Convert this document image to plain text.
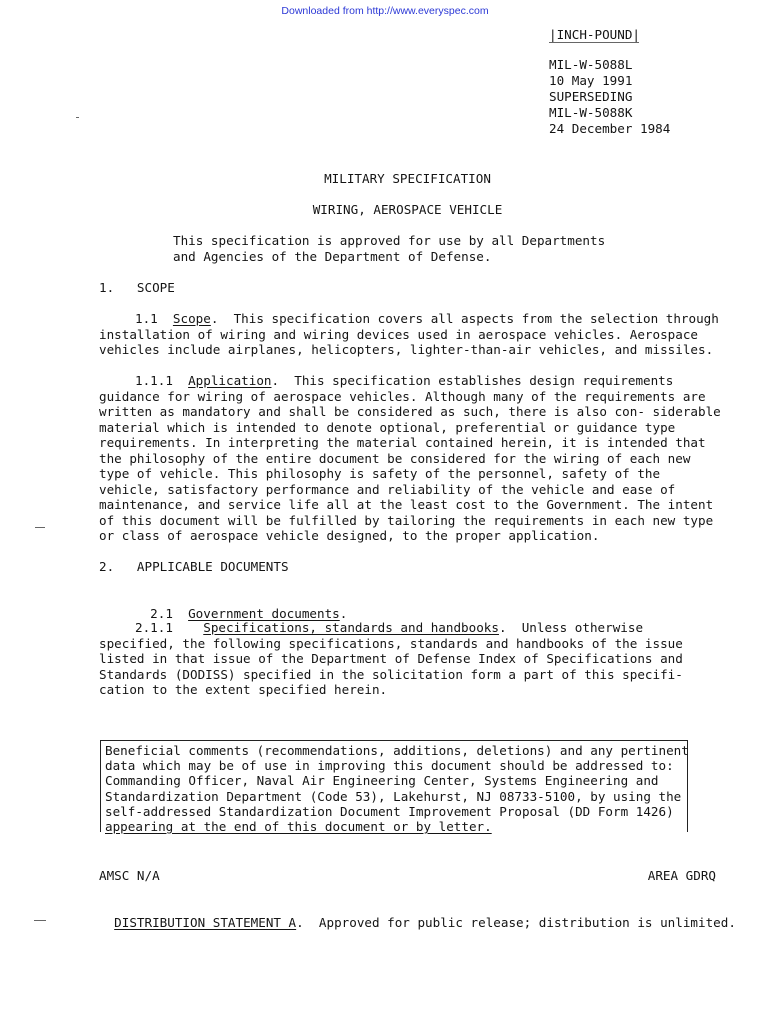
Downloaded from http://www.everyspec.com
|INCH-POUND|
MIL-W-5088L
10 May 1991
SUPERSEDING
MIL-W-5088K
24 December 1984
MILITARY SPECIFICATION
WIRING, AEROSPACE VEHICLE
This specification is approved for use by all Departments
and Agencies of the Department of Defense.
1.   SCOPE
1.1 Scope.  This specification covers all aspects from the selection through
installation of wiring and wiring devices used in aerospace vehicles. Aerospace
vehicles include airplanes, helicopters, lighter-than-air vehicles, and missiles.
1.1.1 Application.  This specification establishes design requirements
guidance for wiring of aerospace vehicles. Although many of the requirements are
written as mandatory and shall be considered as such, there is also con- siderable
material which is intended to denote optional, preferential or guidance type
requirements. In interpreting the material contained herein, it is intended that
the philosophy of the entire document be considered for the wiring of each new
type of vehicle. This philosophy is safety of the personnel, safety of the
vehicle, satisfactory performance and reliability of the vehicle and ease of
maintenance, and service life all at the least cost to the Government. The intent
of this document will be fulfilled by tailoring the requirements in each new type
or class of aerospace vehicle designed, to the proper application.
2.   APPLICABLE DOCUMENTS

2.1 Government documents.

2.1.1 Specifications, standards and handbooks.  Unless otherwise
specified, the following specifications, standards and handbooks of the issue
listed in that issue of the Department of Defense Index of Specifications and
Standards (DODISS) specified in the solicitation form a part of this specifi-
cation to the extent specified herein.
Beneficial comments (recommendations, additions, deletions) and any pertinent
data which may be of use in improving this document should be addressed to:
Commanding Officer, Naval Air Engineering Center, Systems Engineering and
Standardization Department (Code 53), Lakehurst, NJ 08733-5100, by using the
self-addressed Standardization Document Improvement Proposal (DD Form 1426)
appearing at the end of this document or by letter.
AMSC N/A	AREA GDRQ

DISTRIBUTION STATEMENT A.  Approved for public release; distribution is unlimited.
